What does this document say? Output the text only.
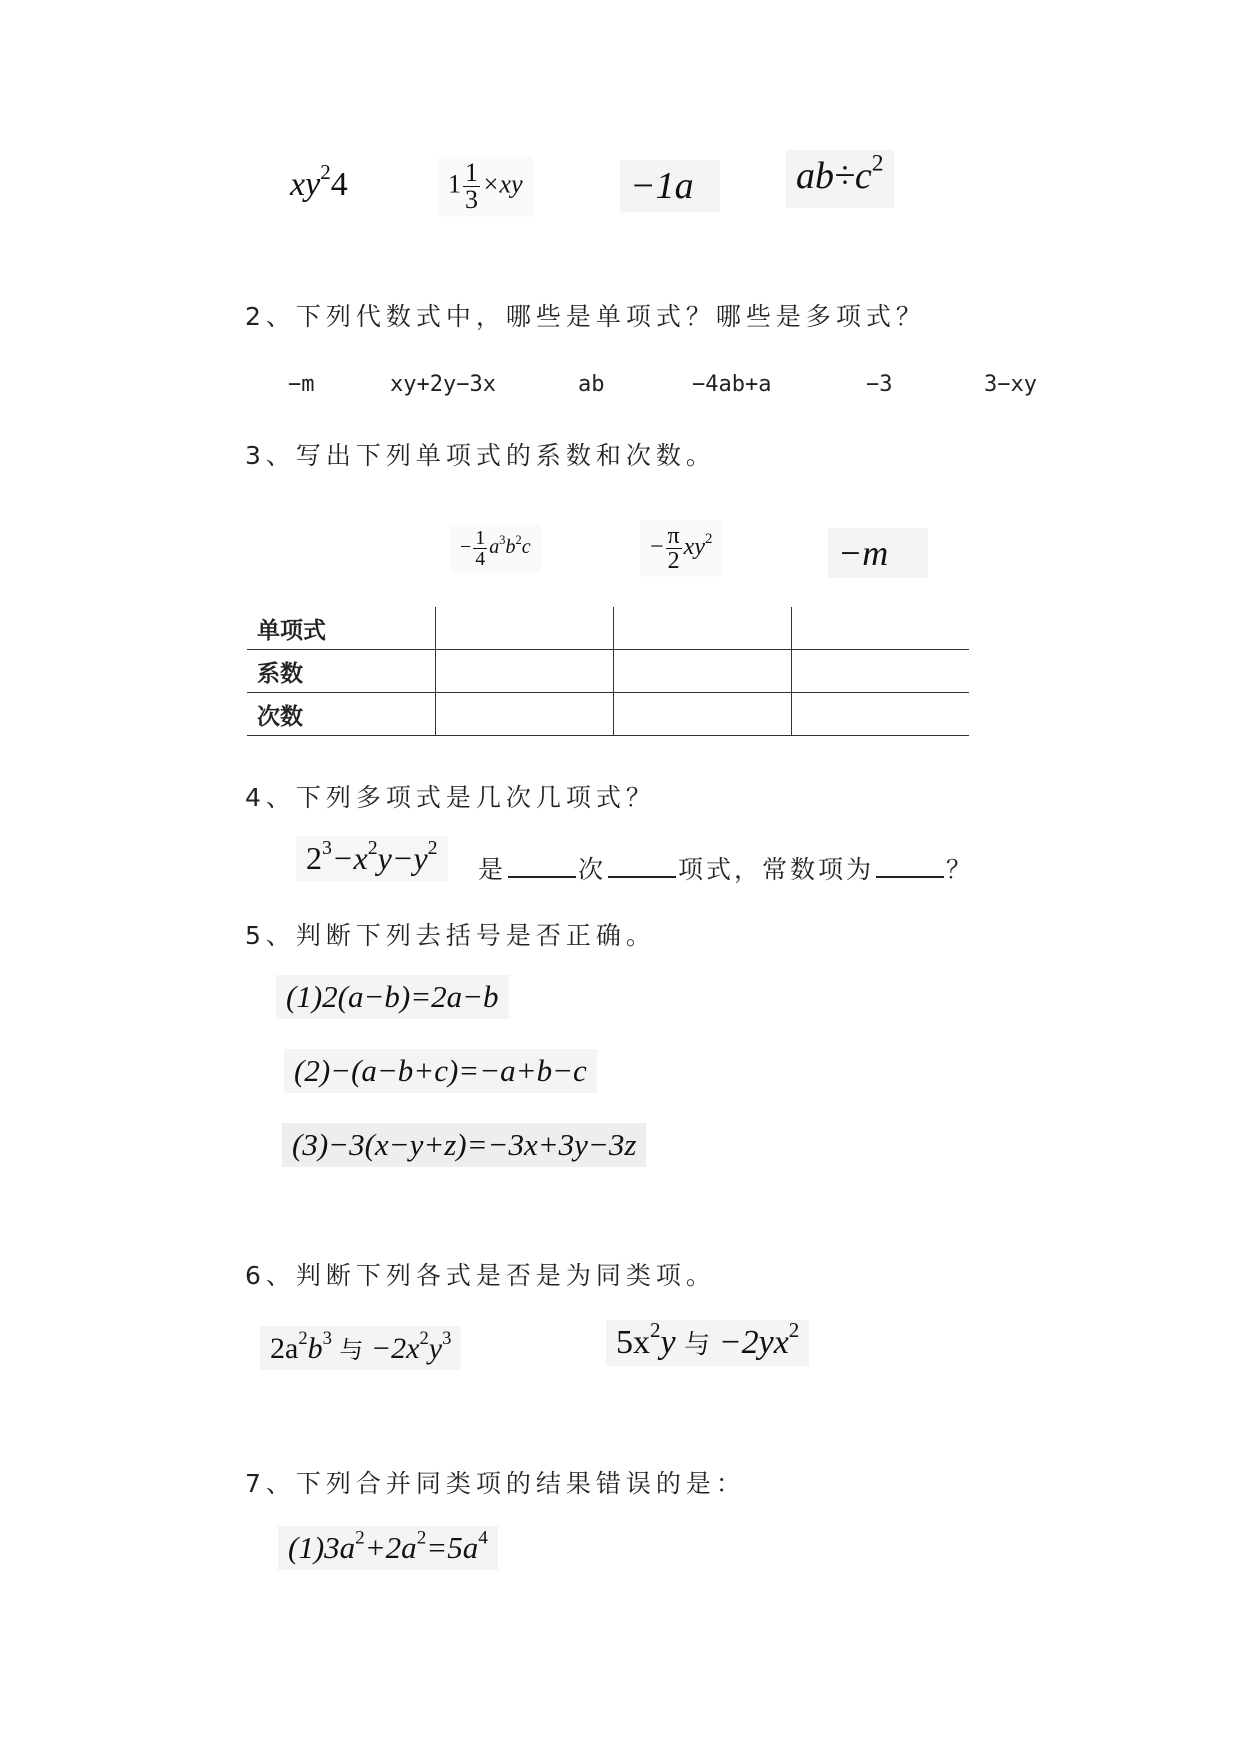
$xy^24$	$1 \frac{1}{3} \times xy$	−1a	$ab\div c^2$
2、下列代数式中，哪些是单项式？哪些是多项式？
−m	xy+2y−3x	ab	−4ab+a	−3	3−xy
3、写出下列单项式的系数和次数。
− $\frac{1}{4} a^3b^2c$	− $\frac{\pi}{2} xy^2$	−m
单项式			
系数			
次数			
4、下列多项式是几次几项式？
$2^3-x^2y-y^2$
是	次	项式，常数项为	？
5、判断下列去括号是否正确。
(1)2(a−b)=2a−b
(2)−(a−b+c)=−a+b−c
(3)−3(x−y+z)=−3x+3y−3z
6、判断下列各式是否是为同类项。
$2a^2b^3$ 与 $-2x^2y^3$	$5x^2y$ 与 $-2yx^2$
7、下列合并同类项的结果错误的是：
$(1)3a^2+2a^2=5a^4$
